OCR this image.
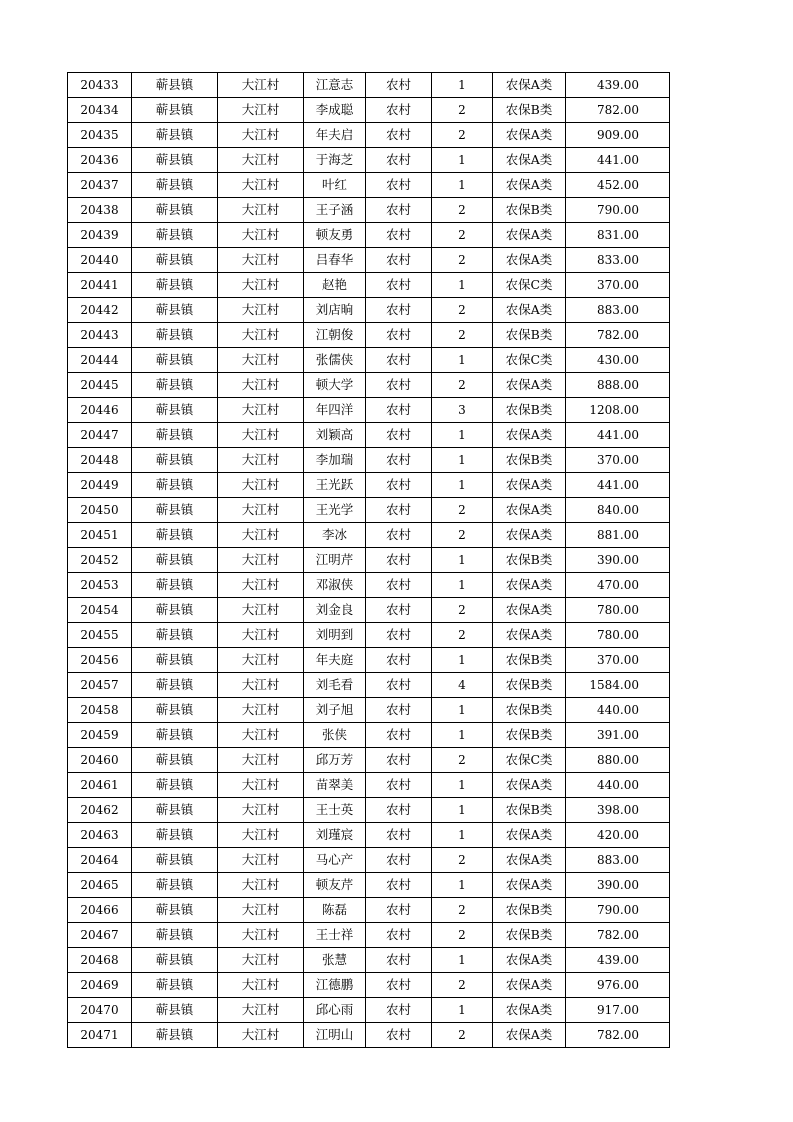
20433	蕲县镇	大江村	江意志	农村	1	农保A类	439.00
20434	蕲县镇	大江村	李成聪	农村	2	农保B类	782.00
20435	蕲县镇	大江村	年夫启	农村	2	农保A类	909.00
20436	蕲县镇	大江村	于海芝	农村	1	农保A类	441.00
20437	蕲县镇	大江村	叶红	农村	1	农保A类	452.00
20438	蕲县镇	大江村	王子涵	农村	2	农保B类	790.00
20439	蕲县镇	大江村	顿友勇	农村	2	农保A类	831.00
20440	蕲县镇	大江村	吕春华	农村	2	农保A类	833.00
20441	蕲县镇	大江村	赵艳	农村	1	农保C类	370.00
20442	蕲县镇	大江村	刘店晌	农村	2	农保A类	883.00
20443	蕲县镇	大江村	江朝俊	农村	2	农保B类	782.00
20444	蕲县镇	大江村	张儒侠	农村	1	农保C类	430.00
20445	蕲县镇	大江村	顿大学	农村	2	农保A类	888.00
20446	蕲县镇	大江村	年四洋	农村	3	农保B类	1208.00
20447	蕲县镇	大江村	刘颖高	农村	1	农保A类	441.00
20448	蕲县镇	大江村	李加瑞	农村	1	农保B类	370.00
20449	蕲县镇	大江村	王光跃	农村	1	农保A类	441.00
20450	蕲县镇	大江村	王光学	农村	2	农保A类	840.00
20451	蕲县镇	大江村	李冰	农村	2	农保A类	881.00
20452	蕲县镇	大江村	江明芹	农村	1	农保B类	390.00
20453	蕲县镇	大江村	邓淑侠	农村	1	农保A类	470.00
20454	蕲县镇	大江村	刘金良	农村	2	农保A类	780.00
20455	蕲县镇	大江村	刘明到	农村	2	农保A类	780.00
20456	蕲县镇	大江村	年夫庭	农村	1	农保B类	370.00
20457	蕲县镇	大江村	刘毛看	农村	4	农保B类	1584.00
20458	蕲县镇	大江村	刘子旭	农村	1	农保B类	440.00
20459	蕲县镇	大江村	张侠	农村	1	农保B类	391.00
20460	蕲县镇	大江村	邱万芳	农村	2	农保C类	880.00
20461	蕲县镇	大江村	苗翠美	农村	1	农保A类	440.00
20462	蕲县镇	大江村	王士英	农村	1	农保B类	398.00
20463	蕲县镇	大江村	刘瑾宸	农村	1	农保A类	420.00
20464	蕲县镇	大江村	马心产	农村	2	农保A类	883.00
20465	蕲县镇	大江村	顿友芹	农村	1	农保A类	390.00
20466	蕲县镇	大江村	陈磊	农村	2	农保B类	790.00
20467	蕲县镇	大江村	王士祥	农村	2	农保B类	782.00
20468	蕲县镇	大江村	张慧	农村	1	农保A类	439.00
20469	蕲县镇	大江村	江德鹏	农村	2	农保A类	976.00
20470	蕲县镇	大江村	邱心雨	农村	1	农保A类	917.00
20471	蕲县镇	大江村	江明山	农村	2	农保A类	782.00
